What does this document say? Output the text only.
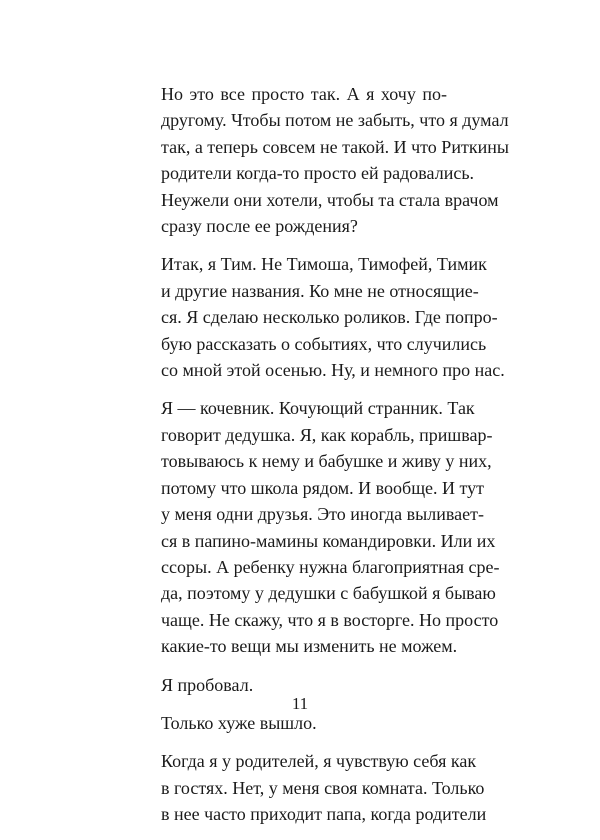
Но это все просто так. А я хочу по-
другому. Чтобы потом не забыть, что я думал
так, а теперь совсем не такой. И что Риткины
родители когда-то просто ей радовались.
Неужели они хотели, чтобы та стала врачом
сразу после ее рождения?

Итак, я Тим. Не Тимоша, Тимофей, Тимик
и другие названия. Ко мне не относящие-
ся. Я сделаю несколько роликов. Где попро-
бую рассказать о событиях, что случились
со мной этой осенью. Ну, и немного про нас.

Я — кочевник. Кочующий странник. Так
говорит дедушка. Я, как корабль, пришвар-
товываюсь к нему и бабушке и живу у них,
потому что школа рядом. И вообще. И тут
у меня одни друзья. Это иногда выливает-
ся в папино-мамины командировки. Или их
ссоры. А ребенку нужна благоприятная сре-
да, поэтому у дедушки с бабушкой я бываю
чаще. Не скажу, что я в восторге. Но просто
какие-то вещи мы изменить не можем.

Я пробовал.

Только хуже вышло.

Когда я у родителей, я чувствую себя как
в гостях. Нет, у меня своя комната. Только
в нее часто приходит папа, когда родители

11
